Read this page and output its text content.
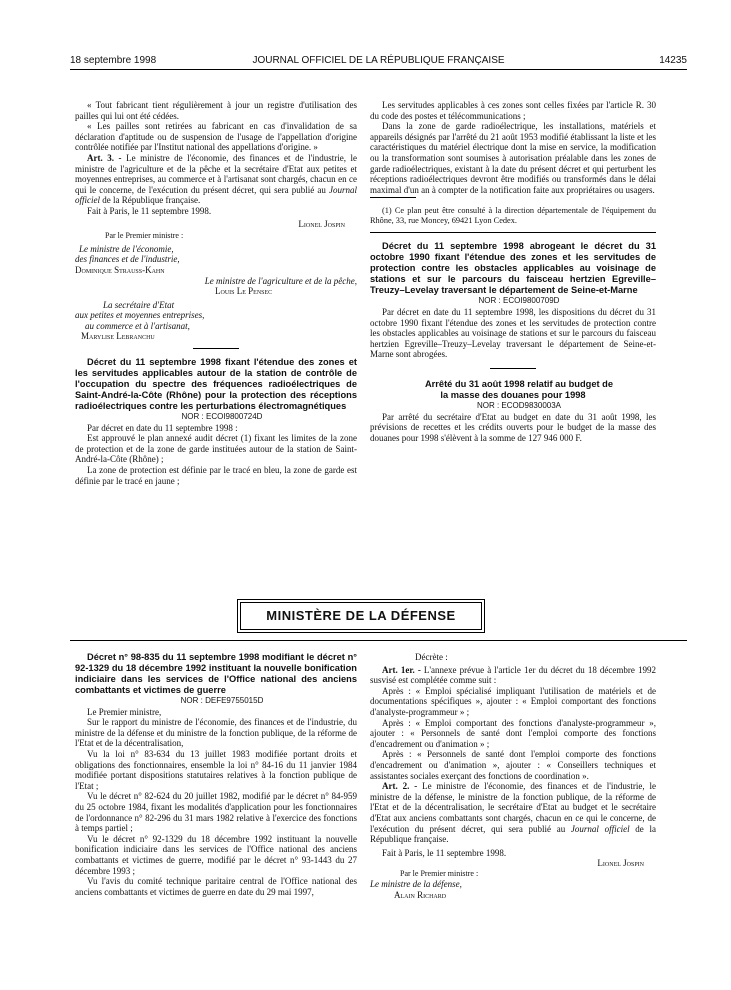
18 septembre 1998	JOURNAL OFFICIEL DE LA RÉPUBLIQUE FRANÇAISE	14235

« Tout fabricant tient régulièrement à jour un registre d'utilisation des pailles qui lui ont été cédées.

« Les pailles sont retirées au fabricant en cas d'invalidation de sa déclaration d'aptitude ou de suspension de l'usage de l'appellation d'origine contrôlée notifiée par l'Institut national des appellations d'origine. »

Art. 3. - Le ministre de l'économie, des finances et de l'industrie, le ministre de l'agriculture et de la pêche et la secrétaire d'Etat aux petites et moyennes entreprises, au commerce et à l'artisanat sont chargés, chacun en ce qui le concerne, de l'exécution du présent décret, qui sera publié au Journal officiel de la République française.

Fait à Paris, le 11 septembre 1998.

Lionel Jospin

Par le Premier ministre :

Le ministre de l'économie,

des finances et de l'industrie,

Dominique Strauss-Kahn

Le ministre de l'agriculture et de la pêche,

Louis Le Pensec

La secrétaire d'Etat

aux petites et moyennes entreprises,

au commerce et à l'artisanat,

Marylise Lebranchu

Décret du 11 septembre 1998 fixant l'étendue des zones et les servitudes applicables autour de la station de contrôle de l'occupation du spectre des fréquences radioélectriques de Saint-André-la-Côte (Rhône) pour la protection des réceptions radioélectriques contre les perturbations électromagnétiques

NOR : ECOI9800724D

Par décret en date du 11 septembre 1998 :

Est approuvé le plan annexé audit décret (1) fixant les limites de la zone de protection et de la zone de garde instituées autour de la station de Saint-André-la-Côte (Rhône) ;

La zone de protection est définie par le tracé en bleu, la zone de garde est définie par le tracé en jaune ;

Les servitudes applicables à ces zones sont celles fixées par l'article R. 30 du code des postes et télécommunications ;

Dans la zone de garde radioélectrique, les installations, matériels et appareils désignés par l'arrêté du 21 août 1953 modifié établissant la liste et les caractéristiques du matériel électrique dont la mise en service, la modification ou la transformation sont soumises à autorisation préalable dans les zones de garde radioélectriques, existant à la date du présent décret et qui perturbent les réceptions radioélectriques devront être modifiés ou transformés dans le délai maximal d'un an à compter de la notification faite aux propriétaires ou usagers.

(1) Ce plan peut être consulté à la direction départementale de l'équipement du Rhône, 33, rue Moncey, 69421 Lyon Cedex.

Décret du 11 septembre 1998 abrogeant le décret du 31 octobre 1990 fixant l'étendue des zones et les servitudes de protection contre les obstacles applicables au voisinage de stations et sur le parcours du faisceau hertzien Egreville–Treuzy–Levelay traversant le département de Seine-et-Marne

NOR : ECOI9800709D

Par décret en date du 11 septembre 1998, les dispositions du décret du 31 octobre 1990 fixant l'étendue des zones et les servitudes de protection contre les obstacles applicables au voisinage de stations et sur le parcours du faisceau hertzien Egreville–Treuzy–Levelay traversant le département de Seine-et-Marne sont abrogées.

Arrêté du 31 août 1998 relatif au budget de la masse des douanes pour 1998

NOR : ECOD9830003A

Par arrêté du secrétaire d'Etat au budget en date du 31 août 1998, les prévisions de recettes et les crédits ouverts pour le budget de la masse des douanes pour 1998 s'élèvent à la somme de 127 946 000 F.

MINISTÈRE DE LA DÉFENSE

Décret n° 98-835 du 11 septembre 1998 modifiant le décret n° 92-1329 du 18 décembre 1992 instituant la nouvelle bonification indiciaire dans les services de l'Office national des anciens combattants et victimes de guerre

NOR : DEFE9755015D

Le Premier ministre,

Sur le rapport du ministre de l'économie, des finances et de l'industrie, du ministre de la défense et du ministre de la fonction publique, de la réforme de l'Etat et de la décentralisation,

Vu la loi n° 83-634 du 13 juillet 1983 modifiée portant droits et obligations des fonctionnaires, ensemble la loi n° 84-16 du 11 janvier 1984 modifiée portant dispositions statutaires relatives à la fonction publique de l'Etat ;

Vu le décret n° 82-624 du 20 juillet 1982, modifié par le décret n° 84-959 du 25 octobre 1984, fixant les modalités d'application pour les fonctionnaires de l'ordonnance n° 82-296 du 31 mars 1982 relative à l'exercice des fonctions à temps partiel ;

Vu le décret n° 92-1329 du 18 décembre 1992 instituant la nouvelle bonification indiciaire dans les services de l'Office national des anciens combattants et victimes de guerre, modifié par le décret n° 93-1443 du 27 décembre 1993 ;

Vu l'avis du comité technique paritaire central de l'Office national des anciens combattants et victimes de guerre en date du 29 mai 1997,

Décrète :

Art. 1er. - L'annexe prévue à l'article 1er du décret du 18 décembre 1992 susvisé est complétée comme suit :

Après : « Emploi spécialisé impliquant l'utilisation de matériels et de documentations spécifiques », ajouter : « Emploi comportant des fonctions d'analyste-programmeur » ;

Après : « Emploi comportant des fonctions d'analyste-programmeur », ajouter : « Personnels de santé dont l'emploi comporte des fonctions d'encadrement ou d'animation » ;

Après : « Personnels de santé dont l'emploi comporte des fonctions d'encadrement ou d'animation », ajouter : « Conseillers techniques et assistantes sociales exerçant des fonctions de coordination ».

Art. 2. - Le ministre de l'économie, des finances et de l'industrie, le ministre de la défense, le ministre de la fonction publique, de la réforme de l'Etat et de la décentralisation, le secrétaire d'Etat au budget et le secrétaire d'Etat aux anciens combattants sont chargés, chacun en ce qui le concerne, de l'exécution du présent décret, qui sera publié au Journal officiel de la République française.

Fait à Paris, le 11 septembre 1998.

Lionel Jospin

Par le Premier ministre :

Le ministre de la défense,

Alain Richard
